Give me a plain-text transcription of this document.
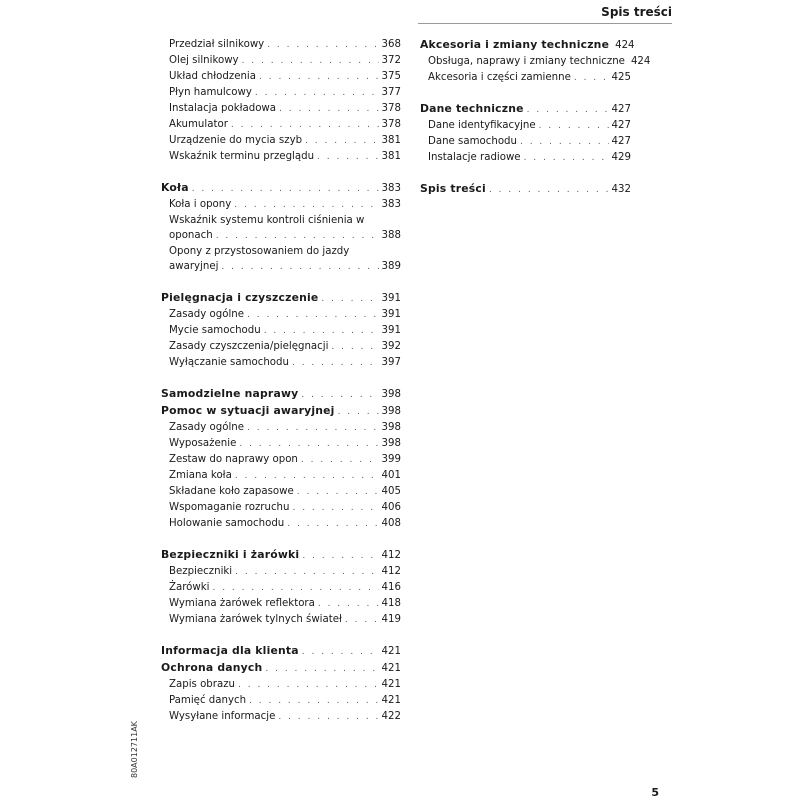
Spis treści
Przedział silnikowy . . .	368
Olej silnikowy . . .	372
Układ chłodzenia . . .	375
Płyn hamulcowy . . .	377
Instalacja pokładowa . . .	378
Akumulator . . .	378
Urządzenie do mycia szyb . . .	381
Wskaźnik terminu przeglądu . . .	381
Koła . . .	383
Koła i opony . . .	383
Wskaźnik systemu kontroli ciśnienia w
oponach . . .	388
Opony z przystosowaniem do jazdy
awaryjnej . . .	389
Pielęgnacja i czyszczenie . . .	391
Zasady ogólne . . .	391
Mycie samochodu . . .	391
Zasady czyszczenia/pielęgnacji . . .	392
Wyłączanie samochodu . . .	397
Samodzielne naprawy . . .	398
Pomoc w sytuacji awaryjnej . . .	398
Zasady ogólne . . .	398
Wyposażenie . . .	398
Zestaw do naprawy opon . . .	399
Zmiana koła . . .	401
Składane koło zapasowe . . .	405
Wspomaganie rozruchu . . .	406
Holowanie samochodu . . .	408
Bezpieczniki i żarówki . . .	412
Bezpieczniki . . .	412
Żarówki . . .	416
Wymiana żarówek reflektora . . .	418
Wymiana żarówek tylnych świateł . . .	419
Informacja dla klienta . . .	421
Ochrona danych . . .	421
Zapis obrazu . . .	421
Pamięć danych . . .	421
Wysyłane informacje . . .	422
Akcesoria i zmiany techniczne 424
Obsługa, naprawy i zmiany techniczne 424
Akcesoria i części zamienne . . .	425
Dane techniczne . . .	427
Dane identyfikacyjne . . .	427
Dane samochodu . . .	427
Instalacje radiowe . . .	429
Spis treści . . .	432
80A012711AK
5
